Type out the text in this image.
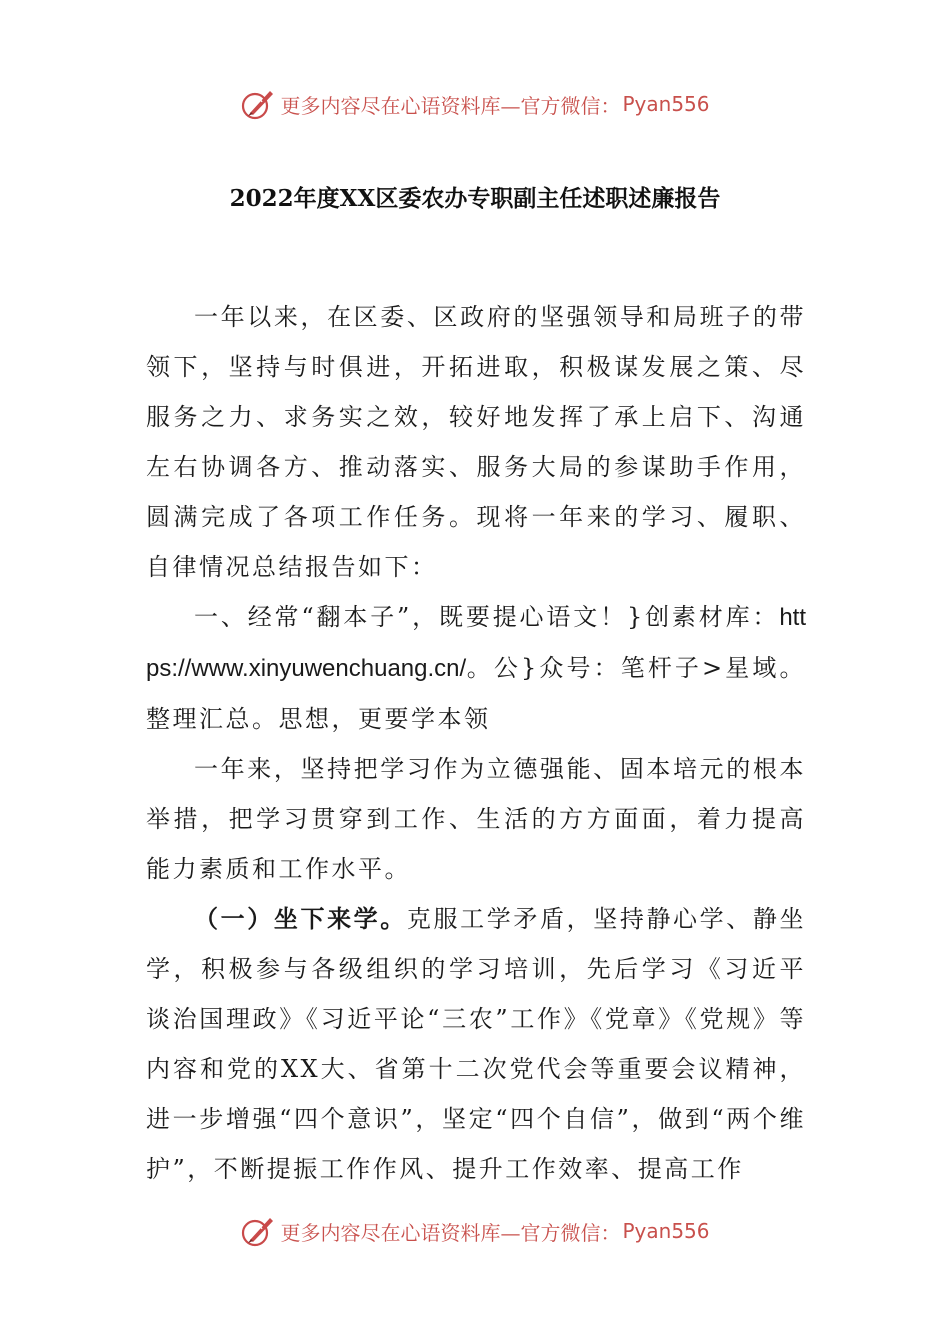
更多内容尽在心语资料库—官方微信： Pyan556
2022年度XX区委农办专职副主任述职述廉报告

一年以来，在区委、区政府的坚强领导和局班子的带领下，坚持与时俱进，开拓进取，积极谋发展之策、尽服务之力、求务实之效，较好地发挥了承上启下、沟通左右协调各方、推动落实、服务大局的参谋助手作用，圆满完成了各项工作任务。现将一年来的学习、履职、自律情况总结报告如下：

一、经常“翻本子”，既要提心语文！}创素材库：https://www.xinyuwenchuang.cn/。公}众号：笔杆子>星域。整理汇总。思想，更要学本领

一年来，坚持把学习作为立德强能、固本培元的根本举措，把学习贯穿到工作、生活的方方面面，着力提高能力素质和工作水平。

（一）坐下来学。克服工学矛盾，坚持静心学、静坐学，积极参与各级组织的学习培训，先后学习《习近平谈治国理政》《习近平论“三农”工作》《党章》《党规》等内容和党的XX大、省第十二次党代会等重要会议精神，进一步增强“四个意识”，坚定“四个自信”，做到“两个维护”，不断提振工作作风、提升工作效率、提高工作

更多内容尽在心语资料库—官方微信： Pyan556
